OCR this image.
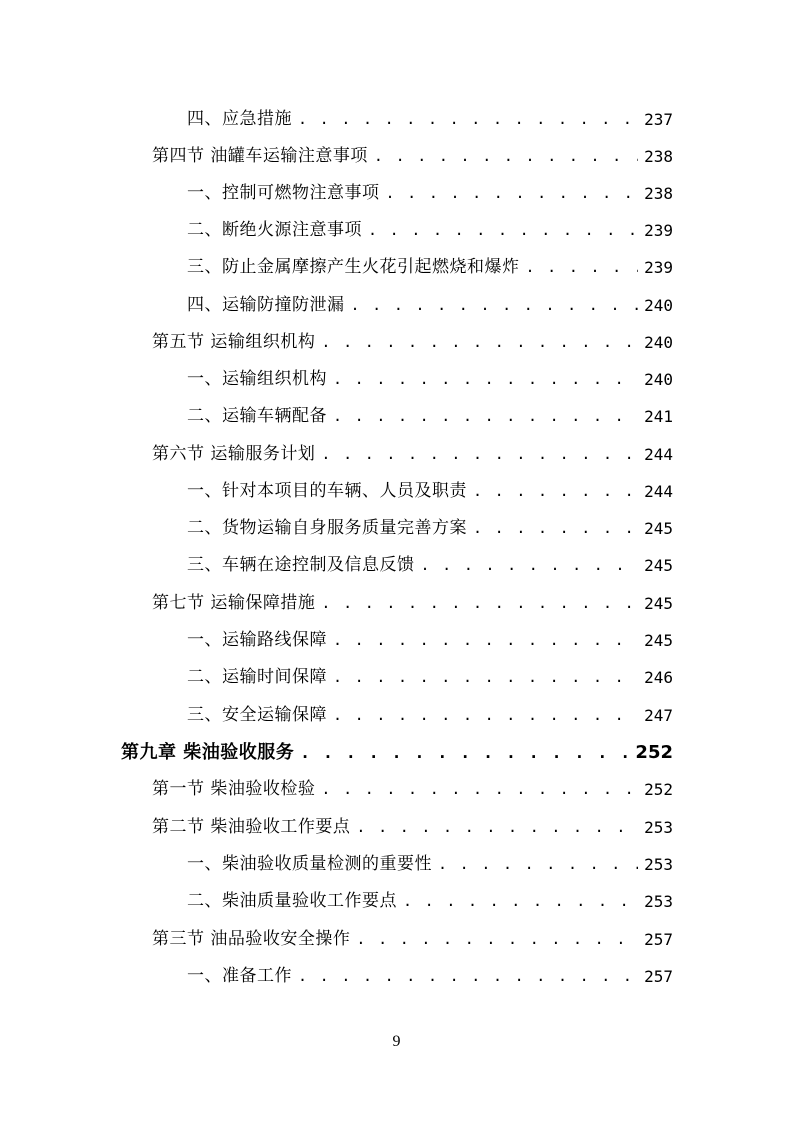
四、应急措施 . . .	237
第四节 油罐车运输注意事项 . . .	238
一、控制可燃物注意事项 . . .	238
二、断绝火源注意事项 . . .	239
三、防止金属摩擦产生火花引起燃烧和爆炸 . . .	239
四、运输防撞防泄漏 . . .	240
第五节 运输组织机构 . . .	240
一、运输组织机构 . . .	240
二、运输车辆配备 . . .	241
第六节 运输服务计划 . . .	244
一、针对本项目的车辆、人员及职责 . . .	244
二、货物运输自身服务质量完善方案 . . .	245
三、车辆在途控制及信息反馈 . . .	245
第七节 运输保障措施 . . .	245
一、运输路线保障 . . .	245
二、运输时间保障 . . .	246
三、安全运输保障 . . .	247
第九章 柴油验收服务 . . .	252
第一节 柴油验收检验 . . .	252
第二节 柴油验收工作要点 . . .	253
一、柴油验收质量检测的重要性 . . .	253
二、柴油质量验收工作要点 . . .	253
第三节 油品验收安全操作 . . .	257
一、准备工作 . . .	257
9
